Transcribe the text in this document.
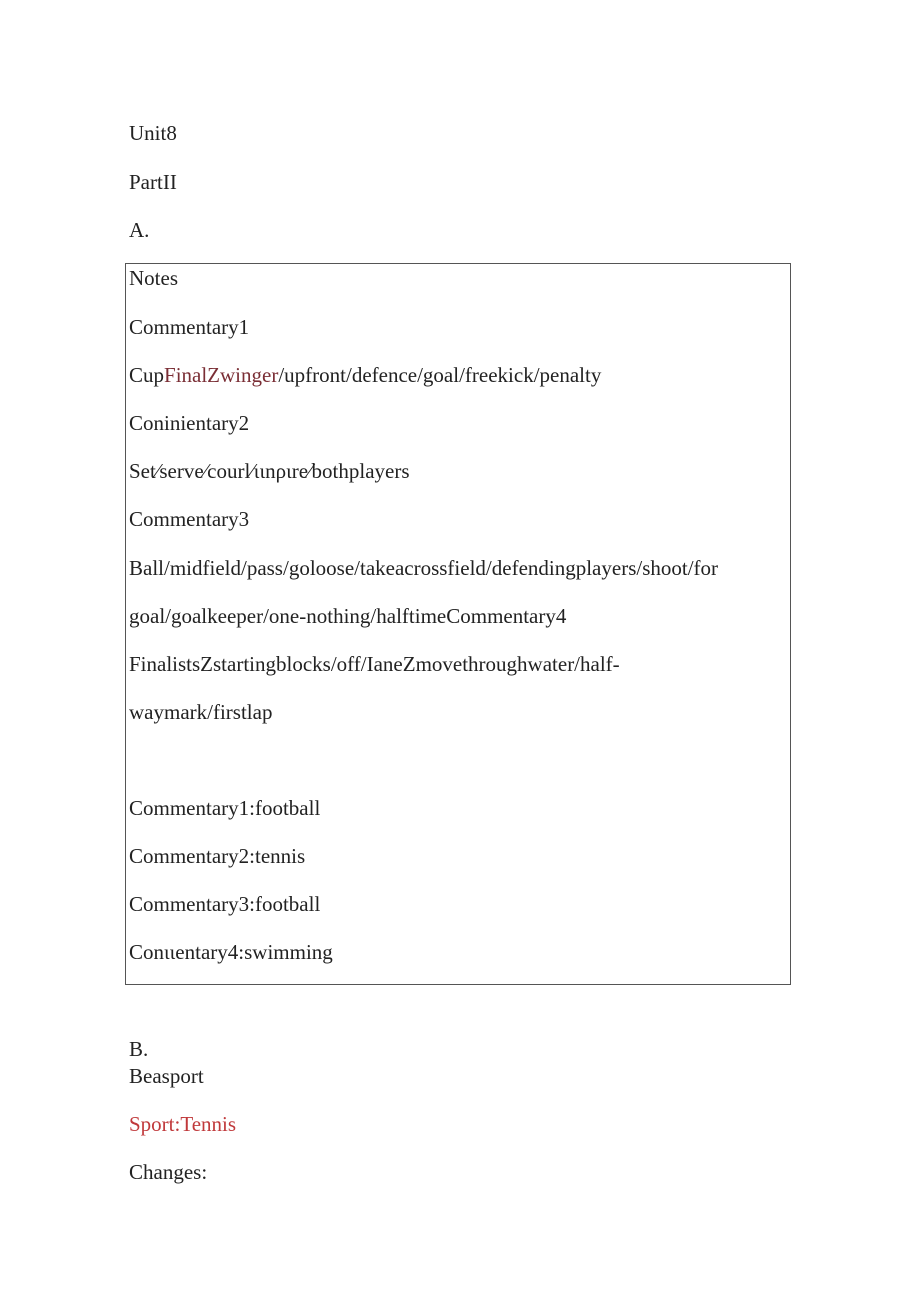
Unit8
PartII
A.
Notes
Commentary1
CupFinalZwinger/upfront/defence/goal/freekick/penalty
Coninientary2
Set⁄serve⁄courl⁄ιιnριre⁄bothplayers
Commentary3
Ball/midfield/pass/goloose/takeacrossfield/defendingplayers/shoot/for
goal/goalkeeper/one-nothing/halftimeCommentary4
FinalistsZstartingblocks/off/IaneZmovethroughwater/half-
waymark/firstlap
Commentary1:football
Commentary2:tennis
Commentary3:football
Conιιentary4:swimming
B.
Beasport
Sport:Tennis
Changes:
